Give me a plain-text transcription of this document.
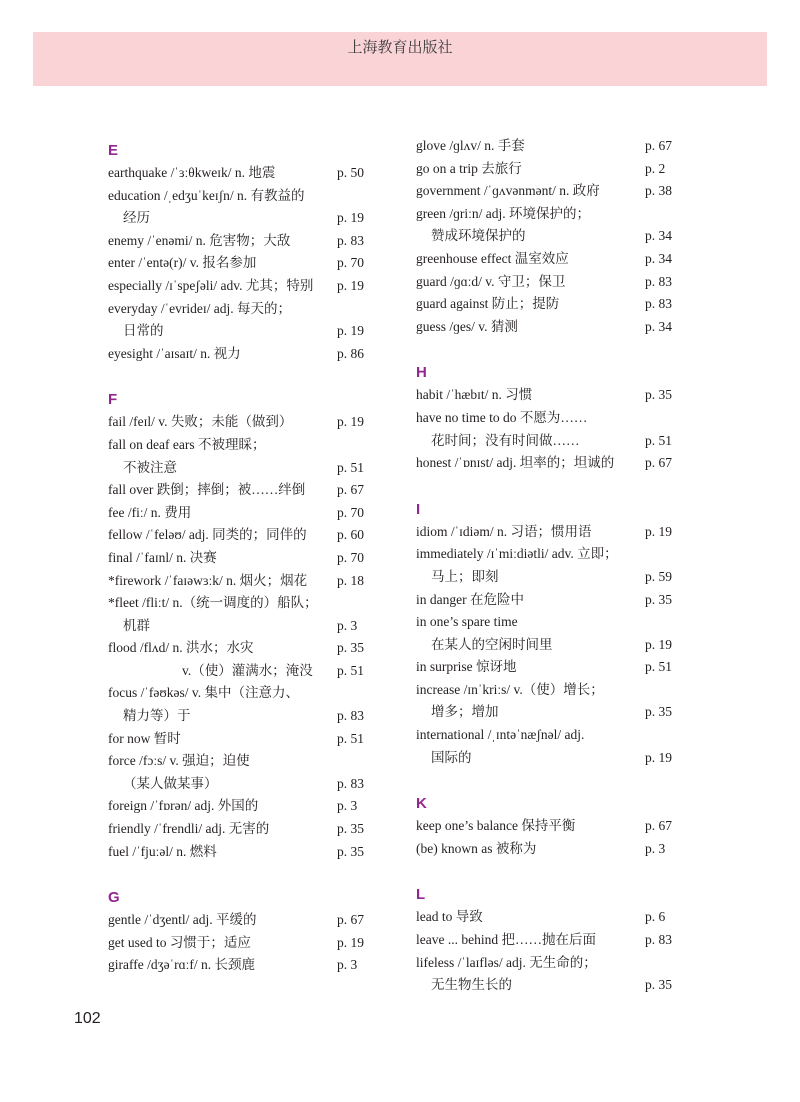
上海教育出版社
E
earthquake /ˈɜːθkweɪk/ n. 地震	p. 50
education /ˌedʒuˈkeɪʃn/ n. 有教益的
经历	p. 19
enemy /ˈenəmi/ n. 危害物；大敌	p. 83
enter /ˈentə(r)/ v. 报名参加	p. 70
especially /ɪˈspeʃəli/ adv. 尤其；特别 p. 19
everyday /ˈevrideɪ/ adj. 每天的；
日常的	p. 19
eyesight /ˈaɪsaɪt/ n. 视力	p. 86
F
fail /feɪl/ v. 失败；未能（做到）	p. 19
fall on deaf ears 不被理睬；
不被注意	p. 51
fall over 跌倒；摔倒；被……绊倒 p. 67
fee /fiː/ n. 费用	p. 70
fellow /ˈfeləʊ/ adj. 同类的；同伴的 p. 60
final /ˈfaɪnl/ n. 决赛	p. 70
*firework /ˈfaɪəwɜːk/ n. 烟火；烟花 p. 18
*fleet /fliːt/ n.（统一调度的）船队；
机群	p. 3
flood /flʌd/ n. 洪水；水灾	p. 35
v.（使）灌满水；淹没 p. 51
focus /ˈfəʊkəs/ v. 集中（注意力、
精力等）于	p. 83
for now 暂时	p. 51
force /fɔːs/ v. 强迫；迫使
（某人做某事）	p. 83
foreign /ˈfɒrən/ adj. 外国的	p. 3
friendly /ˈfrendli/ adj. 无害的	p. 35
fuel /ˈfjuːəl/ n. 燃料	p. 35
G
gentle /ˈdʒentl/ adj. 平缓的	p. 67
get used to 习惯于；适应	p. 19
giraffe /dʒəˈrɑːf/ n. 长颈鹿	p. 3
glove /ɡlʌv/ n. 手套	p. 67
go on a trip 去旅行	p. 2
government /ˈɡʌvənmənt/ n. 政府	p. 38
green /ɡriːn/ adj. 环境保护的；
赞成环境保护的	p. 34
greenhouse effect 温室效应	p. 34
guard /ɡɑːd/ v. 守卫；保卫	p. 83
guard against 防止；提防	p. 83
guess /ɡes/ v. 猜测	p. 34
H
habit /ˈhæbɪt/ n. 习惯	p. 35
have no time to do 不愿为……
花时间；没有时间做……	p. 51
honest /ˈɒnɪst/ adj. 坦率的；坦诚的 p. 67
I
idiom /ˈɪdiəm/ n. 习语；惯用语	p. 19
immediately /ɪˈmiːdiətli/ adv. 立即；
马上；即刻	p. 59
in danger 在危险中	p. 35
in one’s spare time
在某人的空闲时间里	p. 19
in surprise 惊讶地	p. 51
increase /ɪnˈkriːs/ v.（使）增长；
增多；增加	p. 35
international /ˌɪntəˈnæʃnəl/ adj.
国际的	p. 19
K
keep one’s balance 保持平衡	p. 67
(be) known as 被称为	p. 3
L
lead to 导致	p. 6
leave ... behind 把……抛在后面	p. 83
lifeless /ˈlaɪfləs/ adj. 无生命的；
无生物生长的	p. 35
102
